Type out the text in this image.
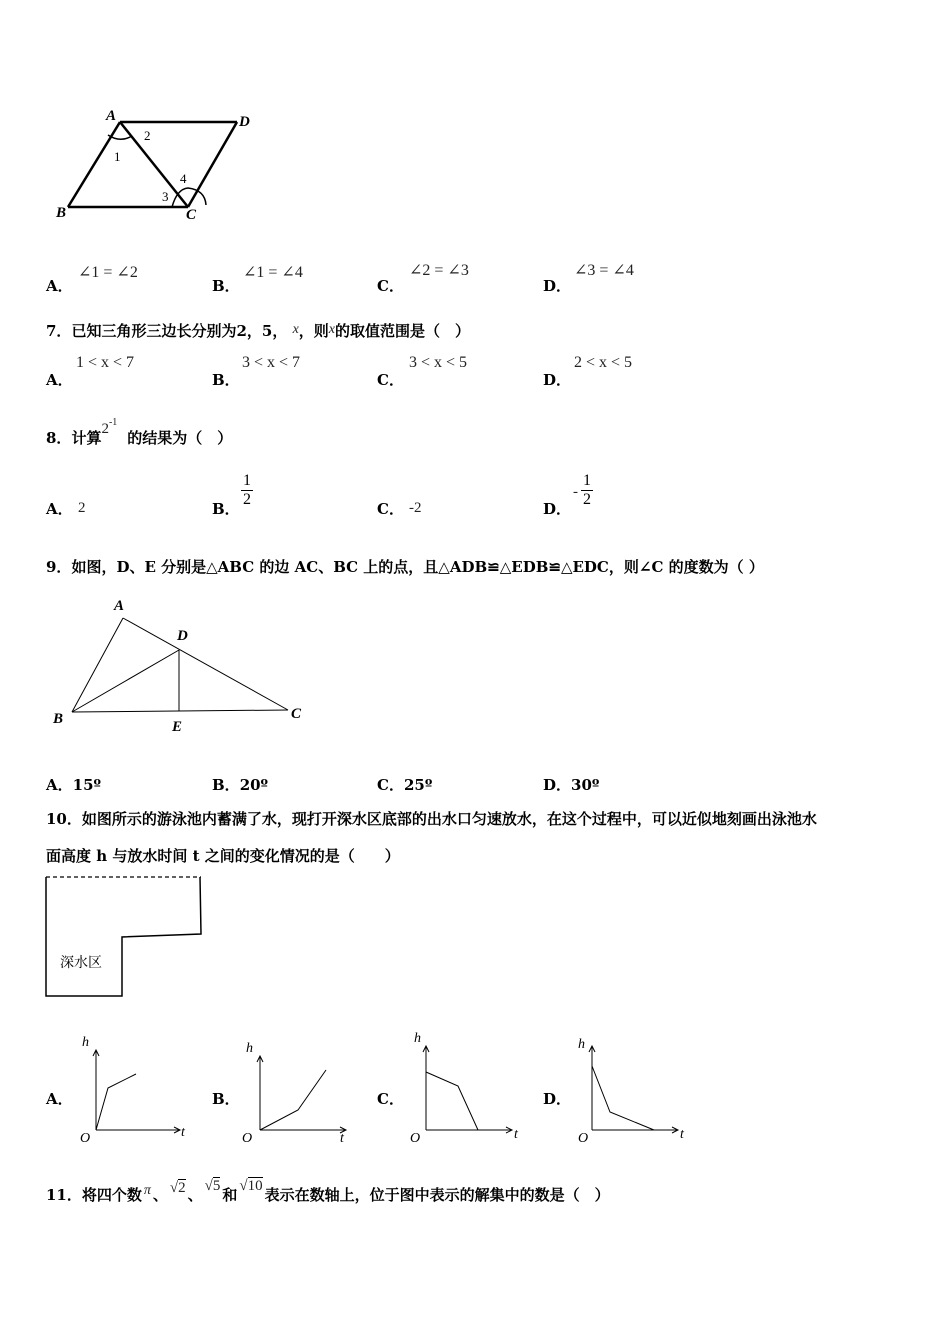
A	D
B	C
1
2
3
4
A．
∠1 = ∠2
B．
∠1 = ∠4
C．
∠2 = ∠3
D．
∠3 = ∠4
7．已知三角形三边长分别为2，5， x，则x的取值范围是（　）
A．
1 < x < 7
B．
3 < x < 7
C．
3 < x < 5
D．
2 < x < 5
8．计算$2^{-1}$的结果为（　）
A． 2	B．
1
2
C． -2	D．
-
1
2
9．如图，D、E 分别是△ABC 的边 AC、BC 上的点，且△ADB≌△EDB≌△EDC，则∠C 的度数为（ ）
A
D
B	E
C
A．15º	B．20º	C．25º	D．30º
10．如图所示的游泳池内蓄满了水，现打开深水区底部的出水口匀速放水，在这个过程中，可以近似地刻画出泳池水
面高度 h 与放水时间 t 之间的变化情况的是（　　）
深水区
A．
h
t
O
B．
h
t
O
C．
h
t
O
D．
h
t
O
11．将四个数 π 、 √2 、 √5 和 √10 表示在数轴上，位于图中表示的解集中的数是（　）
